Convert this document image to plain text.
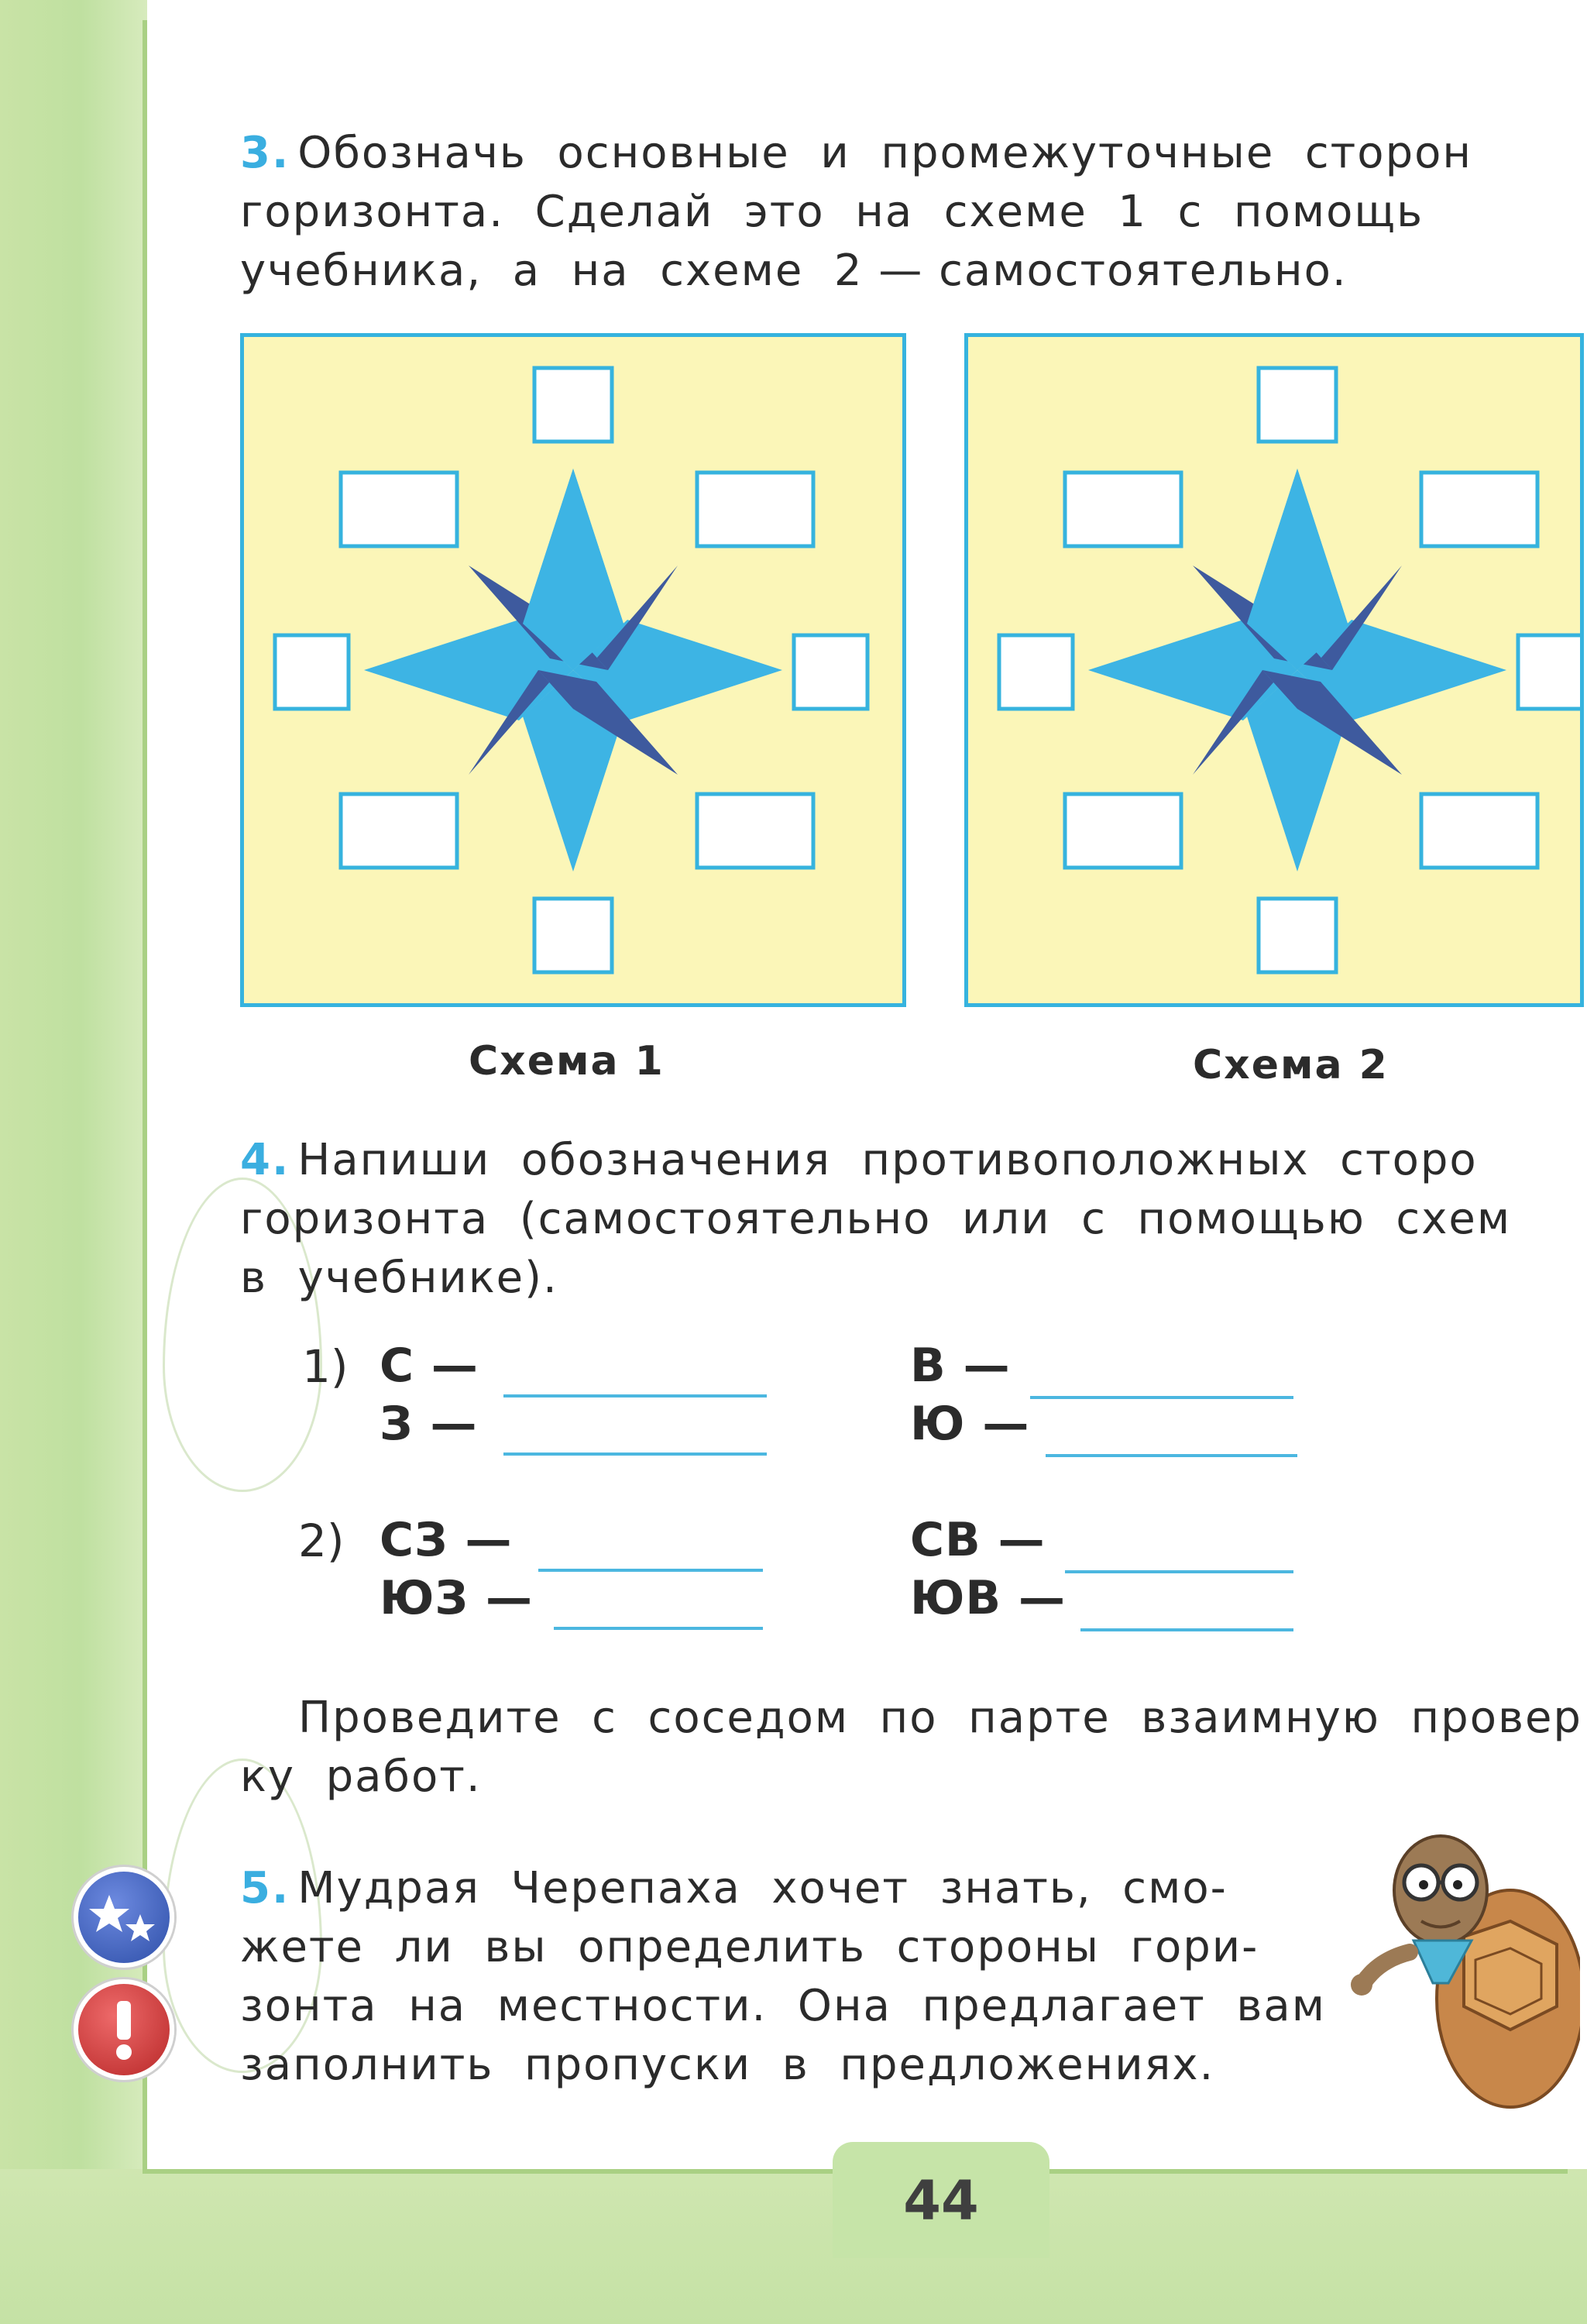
3. Обозначь  основные  и  промежуточные  сторон

горизонта.  Сделай  это  на  схеме  1  с  помощь

учебника,  а  на  схеме  2 — самостоятельно.

Схема 1	Схема 2

4. Напиши  обозначения  противоположных  сторо

горизонта  (самостоятельно  или  с  помощью  схем

в  учебнике).

1) С —
З —
В —
Ю —
2) СЗ —
ЮЗ —
СВ —
ЮВ —

Проведите  с  соседом  по  парте  взаимную  провер

ку  работ.

5. Мудрая  Черепаха  хочет  знать,  смо-

жете  ли  вы  определить  стороны  гори-

зонта  на  местности.  Она  предлагает  вам

заполнить  пропуски  в  предложениях.

44
